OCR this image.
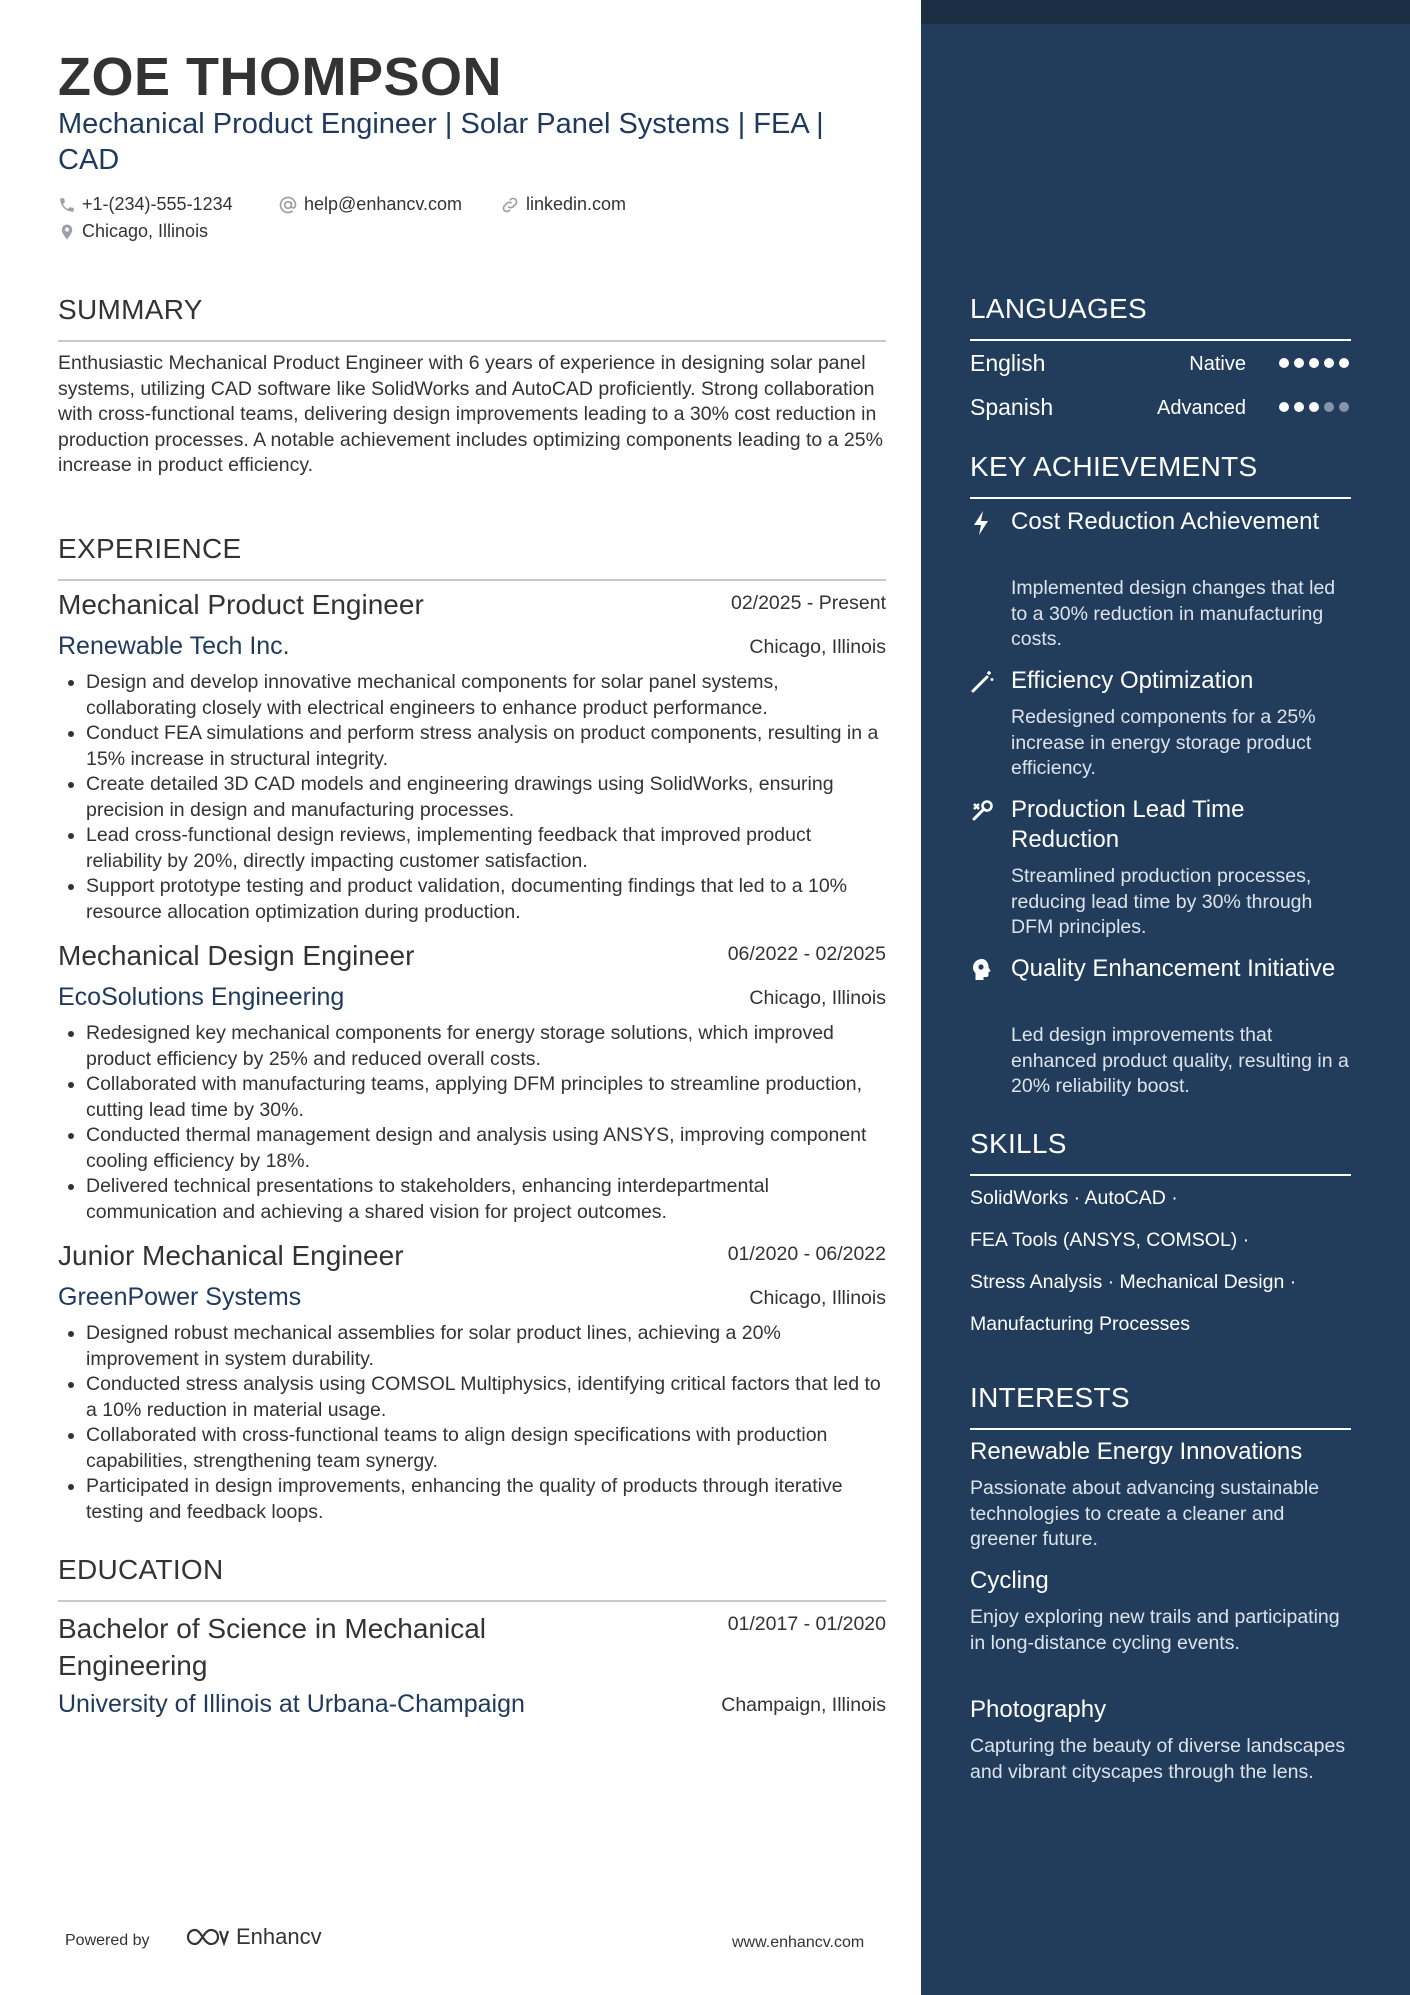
ZOE THOMPSON
Mechanical Product Engineer | Solar Panel Systems | FEA | CAD
+1-(234)-555-1234	help@enhancv.com	linkedin.com
Chicago, Illinois
SUMMARY
Enthusiastic Mechanical Product Engineer with 6 years of experience in designing solar panel systems, utilizing CAD software like SolidWorks and AutoCAD proficiently. Strong collaboration with cross-functional teams, delivering design improvements leading to a 30% cost reduction in production processes. A notable achievement includes optimizing components leading to a 25% increase in product efficiency.
EXPERIENCE
Mechanical Product Engineer	02/2025 - Present
Renewable Tech Inc.	Chicago, Illinois
• Design and develop innovative mechanical components for solar panel systems, collaborating closely with electrical engineers to enhance product performance.
• Conduct FEA simulations and perform stress analysis on product components, resulting in a 15% increase in structural integrity.
• Create detailed 3D CAD models and engineering drawings using SolidWorks, ensuring precision in design and manufacturing processes.
• Lead cross-functional design reviews, implementing feedback that improved product reliability by 20%, directly impacting customer satisfaction.
• Support prototype testing and product validation, documenting findings that led to a 10% resource allocation optimization during production.
Mechanical Design Engineer	06/2022 - 02/2025
EcoSolutions Engineering	Chicago, Illinois
• Redesigned key mechanical components for energy storage solutions, which improved product efficiency by 25% and reduced overall costs.
• Collaborated with manufacturing teams, applying DFM principles to streamline production, cutting lead time by 30%.
• Conducted thermal management design and analysis using ANSYS, improving component cooling efficiency by 18%.
• Delivered technical presentations to stakeholders, enhancing interdepartmental communication and achieving a shared vision for project outcomes.
Junior Mechanical Engineer	01/2020 - 06/2022
GreenPower Systems	Chicago, Illinois
• Designed robust mechanical assemblies for solar product lines, achieving a 20% improvement in system durability.
• Conducted stress analysis using COMSOL Multiphysics, identifying critical factors that led to a 10% reduction in material usage.
• Collaborated with cross-functional teams to align design specifications with production capabilities, strengthening team synergy.
• Participated in design improvements, enhancing the quality of products through iterative testing and feedback loops.
EDUCATION
Bachelor of Science in Mechanical Engineering
01/2017 - 01/2020
University of Illinois at Urbana-Champaign	Champaign, Illinois
Powered by	Enhancv	www.enhancv.com
LANGUAGES
English	Native
Spanish	Advanced
KEY ACHIEVEMENTS
Cost Reduction Achievement
Implemented design changes that led to a 30% reduction in manufacturing costs.
Efficiency Optimization
Redesigned components for a 25% increase in energy storage product efficiency.
Production Lead Time Reduction
Streamlined production processes, reducing lead time by 30% through DFM principles.
Quality Enhancement Initiative
Led design improvements that enhanced product quality, resulting in a 20% reliability boost.
SKILLS
SolidWorks · AutoCAD ·
FEA Tools (ANSYS, COMSOL) ·
Stress Analysis · Mechanical Design ·
Manufacturing Processes
INTERESTS
Renewable Energy Innovations
Passionate about advancing sustainable technologies to create a cleaner and greener future.
Cycling
Enjoy exploring new trails and participating in long-distance cycling events.
Photography
Capturing the beauty of diverse landscapes and vibrant cityscapes through the lens.
